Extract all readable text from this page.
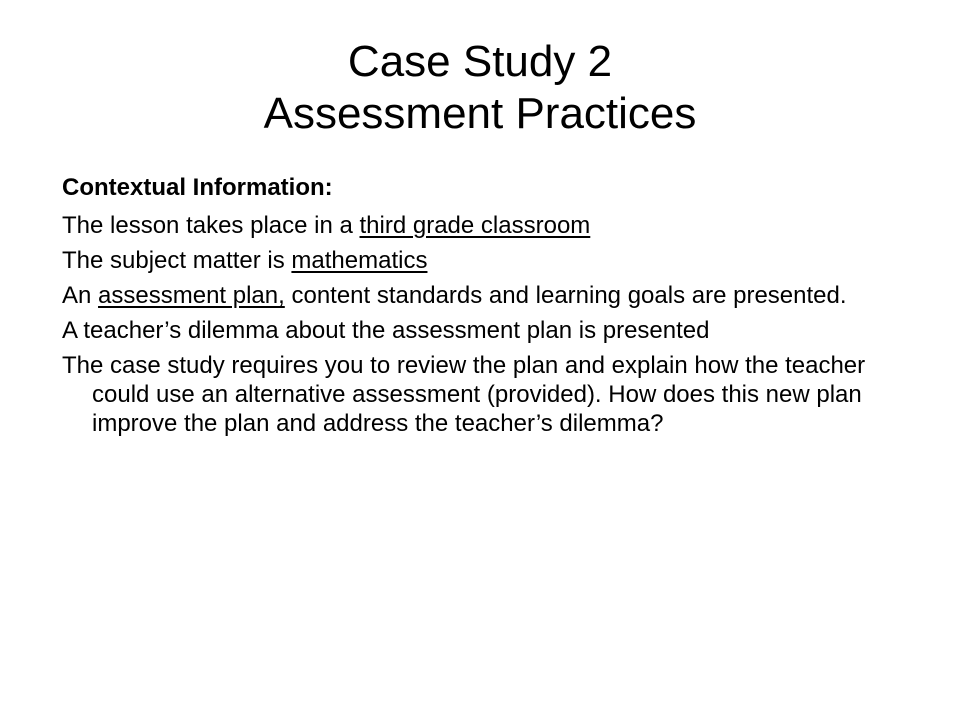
Case Study 2
Assessment Practices
Contextual Information:
The lesson takes place in a third grade classroom
The subject matter is mathematics
An assessment plan, content standards and learning goals are presented.
A teacher’s dilemma about the assessment plan is presented
The case study requires you to review the plan and explain how the teacher could use an alternative assessment (provided). How does this new plan improve the plan and address the teacher’s dilemma?
